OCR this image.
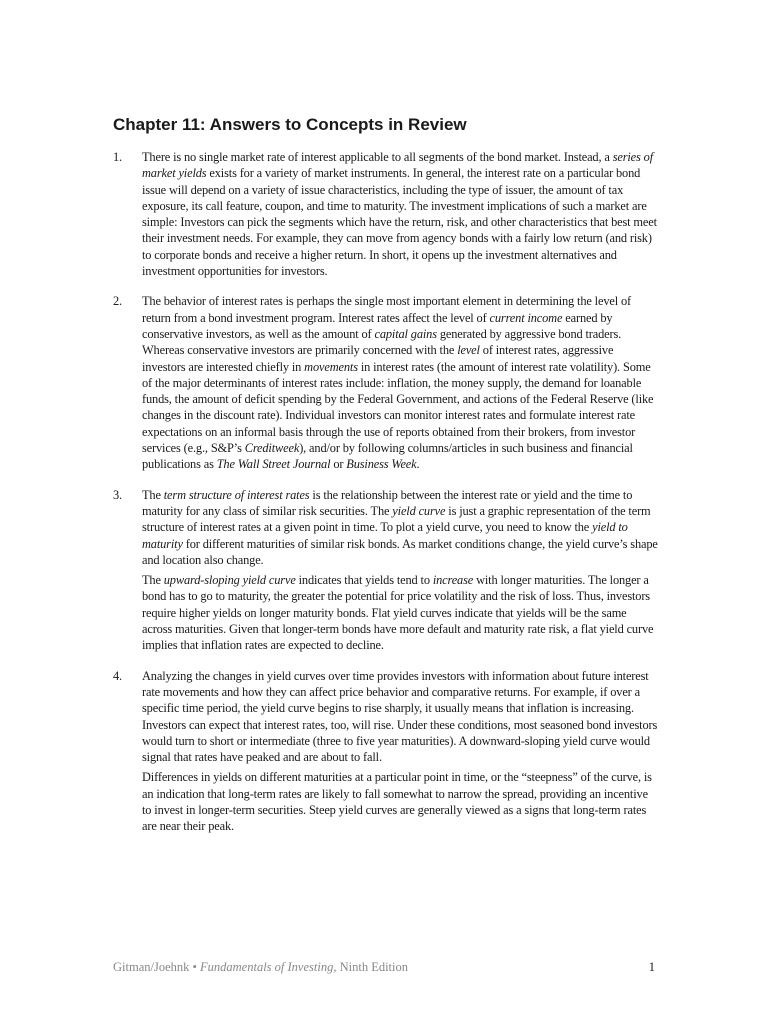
Chapter 11: Answers to Concepts in Review
1. There is no single market rate of interest applicable to all segments of the bond market. Instead, a series of market yields exists for a variety of market instruments. In general, the interest rate on a particular bond issue will depend on a variety of issue characteristics, including the type of issuer, the amount of tax exposure, its call feature, coupon, and time to maturity. The investment implications of such a market are simple: Investors can pick the segments which have the return, risk, and other characteristics that best meet their investment needs. For example, they can move from agency bonds with a fairly low return (and risk) to corporate bonds and receive a higher return. In short, it opens up the investment alternatives and investment opportunities for investors.

2. The behavior of interest rates is perhaps the single most important element in determining the level of return from a bond investment program. Interest rates affect the level of current income earned by conservative investors, as well as the amount of capital gains generated by aggressive bond traders. Whereas conservative investors are primarily concerned with the level of interest rates, aggressive investors are interested chiefly in movements in interest rates (the amount of interest rate volatility). Some of the major determinants of interest rates include: inflation, the money supply, the demand for loanable funds, the amount of deficit spending by the Federal Government, and actions of the Federal Reserve (like changes in the discount rate). Individual investors can monitor interest rates and formulate interest rate expectations on an informal basis through the use of reports obtained from their brokers, from investor services (e.g., S&P’s Creditweek), and/or by following columns/articles in such business and financial publications as The Wall Street Journal or Business Week.

3. The term structure of interest rates is the relationship between the interest rate or yield and the time to maturity for any class of similar risk securities. The yield curve is just a graphic representation of the term structure of interest rates at a given point in time. To plot a yield curve, you need to know the yield to maturity for different maturities of similar risk bonds. As market conditions change, the yield curve’s shape and location also change.

The upward-sloping yield curve indicates that yields tend to increase with longer maturities. The longer a bond has to go to maturity, the greater the potential for price volatility and the risk of loss. Thus, investors require higher yields on longer maturity bonds. Flat yield curves indicate that yields will be the same across maturities. Given that longer-term bonds have more default and maturity rate risk, a flat yield curve implies that inflation rates are expected to decline.

4. Analyzing the changes in yield curves over time provides investors with information about future interest rate movements and how they can affect price behavior and comparative returns. For example, if over a specific time period, the yield curve begins to rise sharply, it usually means that inflation is increasing. Investors can expect that interest rates, too, will rise. Under these conditions, most seasoned bond investors would turn to short or intermediate (three to five year maturities). A downward-sloping yield curve would signal that rates have peaked and are about to fall.

Differences in yields on different maturities at a particular point in time, or the “steepness” of the curve, is an indication that long-term rates are likely to fall somewhat to narrow the spread, providing an incentive to invest in longer-term securities. Steep yield curves are generally viewed as a signs that long-term rates are near their peak.

Gitman/Joehnk • Fundamentals of Investing, Ninth Edition	1
